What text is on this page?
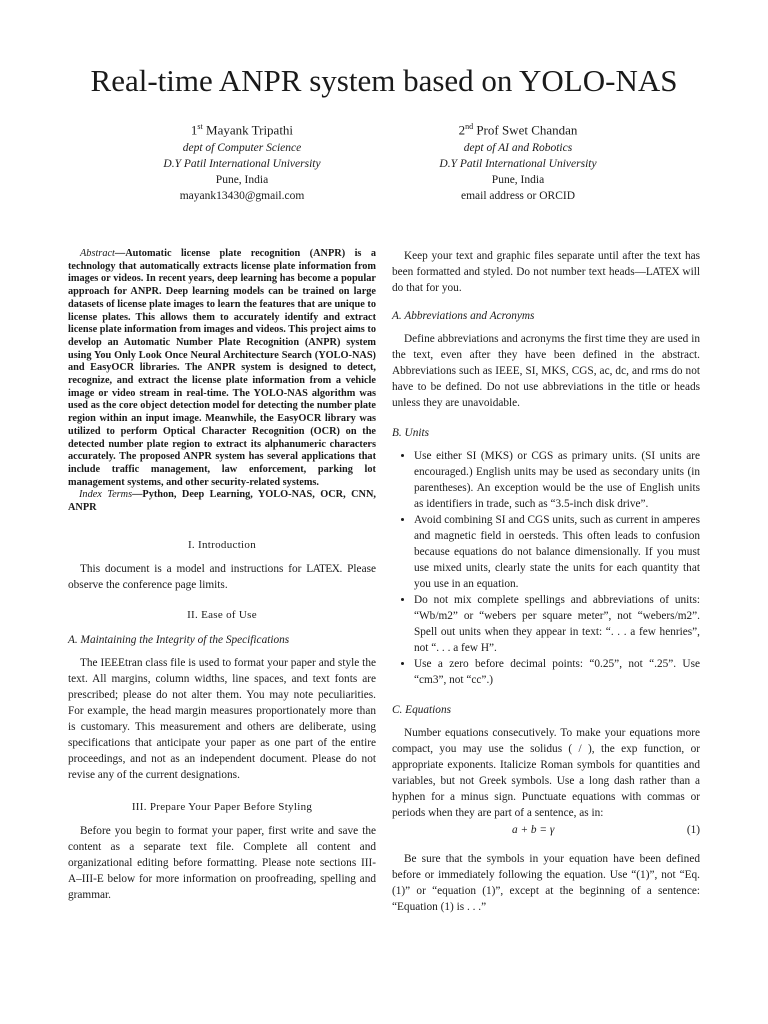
Real-time ANPR system based on YOLO-NAS
1st Mayank Tripathi
dept of Computer Science
D.Y Patil International University
Pune, India
mayank13430@gmail.com
2nd Prof Swet Chandan
dept of AI and Robotics
D.Y Patil International University
Pune, India
email address or ORCID

Abstract—Automatic license plate recognition (ANPR) is a technology that automatically extracts license plate information from images or videos. In recent years, deep learning has become a popular approach for ANPR. Deep learning models can be trained on large datasets of license plate images to learn the features that are unique to license plates. This allows them to accurately identify and extract license plate information from images and videos. This project aims to develop an Automatic Number Plate Recognition (ANPR) system using You Only Look Once Neural Architecture Search (YOLO-NAS) and EasyOCR libraries. The ANPR system is designed to detect, recognize, and extract the license plate information from a vehicle image or video stream in real-time. The YOLO-NAS algorithm was used as the core object detection model for detecting the number plate region within an input image. Meanwhile, the EasyOCR library was utilized to perform Optical Character Recognition (OCR) on the detected number plate region to extract its alphanumeric characters accurately. The proposed ANPR system has several applications that include traffic management, law enforcement, parking lot management systems, and other security-related systems.

Index Terms—Python, Deep Learning, YOLO-NAS, OCR, CNN, ANPR

I. Introduction

This document is a model and instructions for LATEX. Please observe the conference page limits.

II. Ease of Use
A. Maintaining the Integrity of the Specifications

The IEEEtran class file is used to format your paper and style the text. All margins, column widths, line spaces, and text fonts are prescribed; please do not alter them. You may note peculiarities. For example, the head margin measures proportionately more than is customary. This measurement and others are deliberate, using specifications that anticipate your paper as one part of the entire proceedings, and not as an independent document. Please do not revise any of the current designations.

III. Prepare Your Paper Before Styling

Before you begin to format your paper, first write and save the content as a separate text file. Complete all content and organizational editing before formatting. Please note sections III-A–III-E below for more information on proofreading, spelling and grammar.

Keep your text and graphic files separate until after the text has been formatted and styled. Do not number text heads—LATEX will do that for you.

A. Abbreviations and Acronyms

Define abbreviations and acronyms the first time they are used in the text, even after they have been defined in the abstract. Abbreviations such as IEEE, SI, MKS, CGS, ac, dc, and rms do not have to be defined. Do not use abbreviations in the title or heads unless they are unavoidable.

B. Units
• Use either SI (MKS) or CGS as primary units. (SI units are encouraged.) English units may be used as secondary units (in parentheses). An exception would be the use of English units as identifiers in trade, such as “3.5-inch disk drive”.
• Avoid combining SI and CGS units, such as current in amperes and magnetic field in oersteds. This often leads to confusion because equations do not balance dimensionally. If you must use mixed units, clearly state the units for each quantity that you use in an equation.
• Do not mix complete spellings and abbreviations of units: “Wb/m2” or “webers per square meter”, not “webers/m2”. Spell out units when they appear in text: “. . . a few henries”, not “. . . a few H”.
• Use a zero before decimal points: “0.25”, not “.25”. Use “cm3”, not “cc”.)
C. Equations

Number equations consecutively. To make your equations more compact, you may use the solidus ( / ), the exp function, or appropriate exponents. Italicize Roman symbols for quantities and variables, but not Greek symbols. Use a long dash rather than a hyphen for a minus sign. Punctuate equations with commas or periods when they are part of a sentence, as in:

a + b = γ	(1)

Be sure that the symbols in your equation have been defined before or immediately following the equation. Use “(1)”, not “Eq. (1)” or “equation (1)”, except at the beginning of a sentence: “Equation (1) is . . .”
